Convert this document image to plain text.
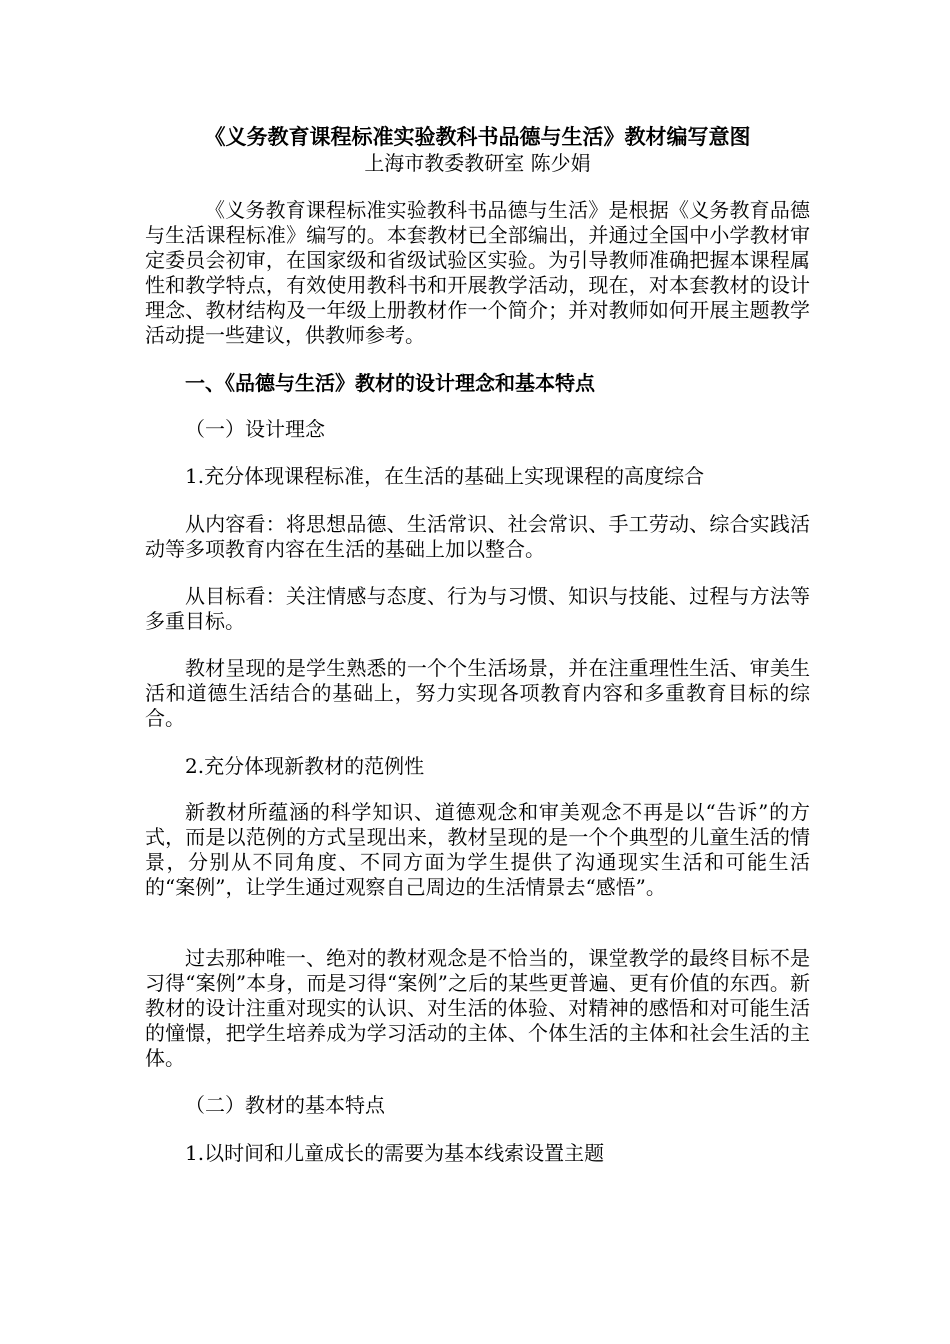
《义务教育课程标准实验教科书品德与生活》教材编写意图
上海市教委教研室 陈少娟

《义务教育课程标准实验教科书品德与生活》是根据《义务教育品德与生活课程标准》编写的。本套教材已全部编出，并通过全国中小学教材审定委员会初审，在国家级和省级试验区实验。为引导教师准确把握本课程属性和教学特点，有效使用教科书和开展教学活动，现在，对本套教材的设计理念、教材结构及一年级上册教材作一个简介；并对教师如何开展主题教学活动提一些建议，供教师参考。

一、《品德与生活》教材的设计理念和基本特点
（一）设计理念
1.充分体现课程标准，在生活的基础上实现课程的高度综合

从内容看：将思想品德、生活常识、社会常识、手工劳动、综合实践活动等多项教育内容在生活的基础上加以整合。

从目标看：关注情感与态度、行为与习惯、知识与技能、过程与方法等多重目标。

教材呈现的是学生熟悉的一个个生活场景，并在注重理性生活、审美生活和道德生活结合的基础上，努力实现各项教育内容和多重教育目标的综合。

2.充分体现新教材的范例性

新教材所蕴涵的科学知识、道德观念和审美观念不再是以“告诉”的方式，而是以范例的方式呈现出来，教材呈现的是一个个典型的儿童生活的情景，分别从不同角度、不同方面为学生提供了沟通现实生活和可能生活的“案例”，让学生通过观察自己周边的生活情景去“感悟”。

过去那种唯一、绝对的教材观念是不恰当的，课堂教学的最终目标不是习得“案例”本身，而是习得“案例”之后的某些更普遍、更有价值的东西。新教材的设计注重对现实的认识、对生活的体验、对精神的感悟和对可能生活的憧憬，把学生培养成为学习活动的主体、个体生活的主体和社会生活的主体。

（二）教材的基本特点
1.以时间和儿童成长的需要为基本线索设置主题
